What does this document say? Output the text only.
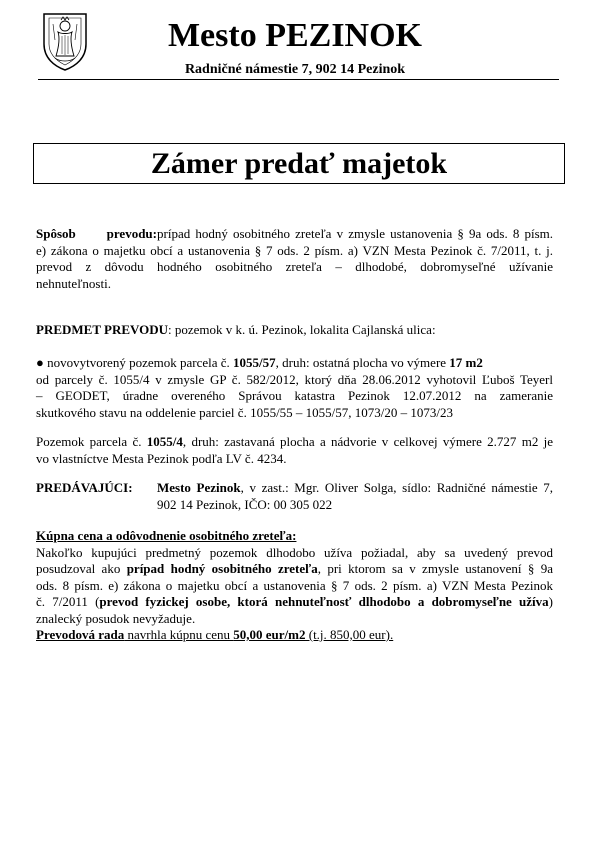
Mesto PEZINOK
Radničné námestie 7, 902 14 Pezinok
Zámer predať majetok
Spôsob prevodu:prípad hodný osobitného zreteľa v zmysle ustanovenia § 9a ods. 8 písm.
e) zákona o majetku obcí a ustanovenia § 7 ods. 2 písm. a) VZN Mesta Pezinok č. 7/2011, t. j.
prevod z dôvodu hodného osobitného zreteľa – dlhodobé, dobromyseľné užívanie
nehnuteľnosti.
PREDMET PREVODU: pozemok v k. ú. Pezinok, lokalita Cajlanská ulica:
● novovytvorený pozemok parcela č. 1055/57, druh: ostatná plocha vo výmere 17 m2
od parcely č. 1055/4 v zmysle GP č. 582/2012, ktorý dňa 28.06.2012 vyhotovil Ľuboš Teyerl
– GEODET, úradne overeného Správou katastra Pezinok 12.07.2012 na zameranie
skutkového stavu na oddelenie parciel č. 1055/55 – 1055/57, 1073/20 – 1073/23
Pozemok parcela č. 1055/4, druh: zastavaná plocha a nádvorie v celkovej výmere 2.727 m2 je
vo vlastníctve Mesta Pezinok podľa LV č. 4234.
PREDÁVAJÚCI: Mesto Pezinok, v zast.: Mgr. Oliver Solga, sídlo: Radničné námestie 7,
902 14 Pezinok, IČO: 00 305 022
Kúpna cena a odôvodnenie osobitného zreteľa:
Nakoľko kupujúci predmetný pozemok dlhodobo užíva požiadal, aby sa uvedený prevod
posudzoval ako prípad hodný osobitného zreteľa, pri ktorom sa v zmysle ustanovení § 9a
ods. 8 písm. e) zákona o majetku obcí a ustanovenia § 7 ods. 2 písm. a) VZN Mesta Pezinok
č. 7/2011 (prevod fyzickej osobe, ktorá nehnuteľnosť dlhodobo a dobromyseľne užíva)
znalecký posudok nevyžaduje.
Prevodová rada navrhla kúpnu cenu 50,00 eur/m2 (t.j. 850,00 eur).
